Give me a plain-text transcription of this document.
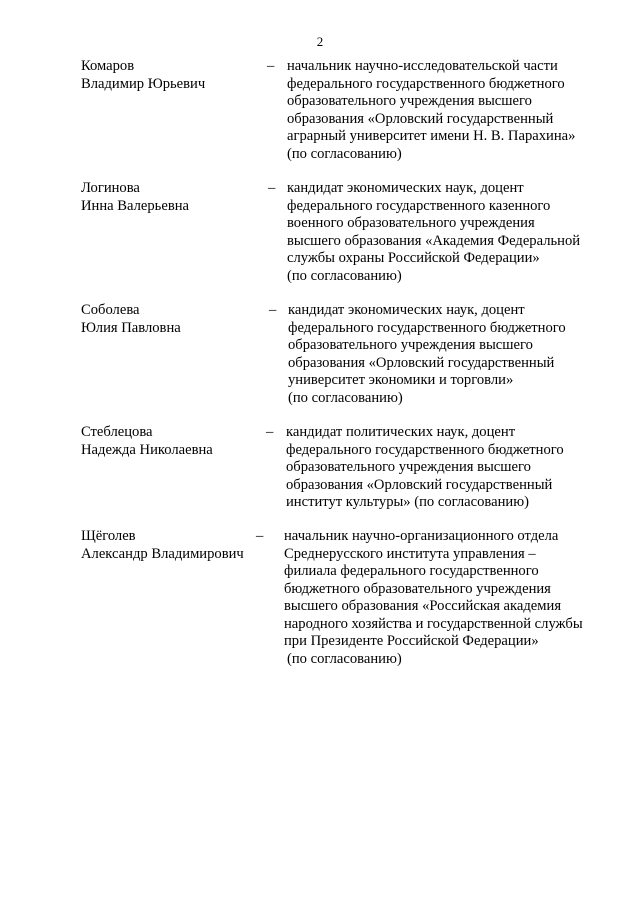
2
Комаров
Владимир Юрьевич
– начальник научно-исследовательской части
федерального государственного бюджетного
образовательного учреждения высшего
образования «Орловский государственный
аграрный университет имени Н. В. Парахина»
(по согласованию)
Логинова
Инна Валерьевна
– кандидат экономических наук, доцент
федерального государственного казенного
военного образовательного учреждения
высшего образования «Академия Федеральной
службы охраны Российской Федерации»
(по согласованию)
Соболева
Юлия Павловна
– кандидат экономических наук, доцент
федерального государственного бюджетного
образовательного учреждения высшего
образования «Орловский государственный
университет экономики и торговли»
(по согласованию)
Стеблецова
Надежда Николаевна
– кандидат политических наук, доцент
федерального государственного бюджетного
образовательного учреждения высшего
образования «Орловский государственный
институт культуры» (по согласованию)
Щёголев
Александр Владимирович
– начальник научно-организационного отдела
Среднерусского института управления –
филиала федерального государственного
бюджетного образовательного учреждения
высшего образования «Российская академия
народного хозяйства и государственной службы
при Президенте Российской Федерации»
(по согласованию)
